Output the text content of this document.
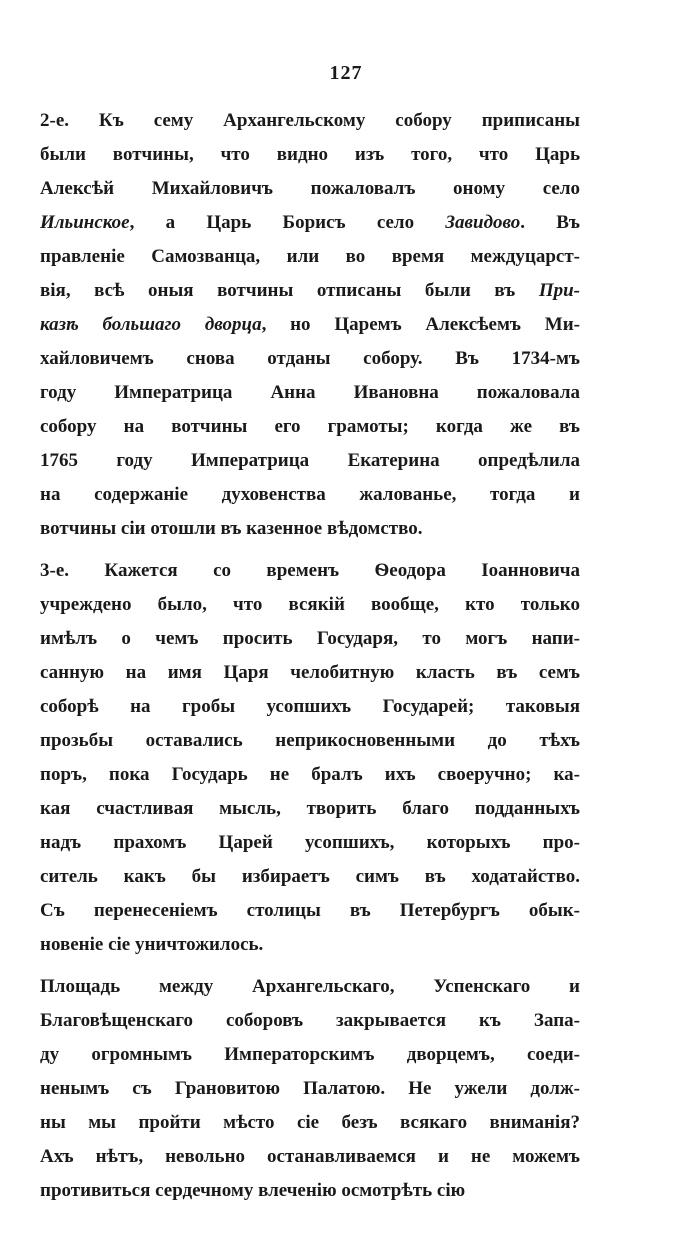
127
2-е. Къ сему Архангельскому собору приписаны
были вотчины, что видно изъ того, что Царь
Алексѣй Михайловичъ пожаловалъ оному село
Ильинское, а Царь Борисъ село Завидово. Въ
правленіе Самозванца, или во время междуцарст-
вія, всѣ оныя вотчины отписаны были въ При-
казѣ большаго дворца, но Царемъ Алексѣемъ Ми-
хайловичемъ снова отданы собору. Въ 1734-мъ
году Императрица Анна Ивановна пожаловала
собору на вотчины его грамоты; когда же въ
1765 году Императрица Екатерина опредѣлила
на содержаніе духовенства жалованье, тогда и
вотчины сіи отошли въ казенное вѣдомство.
3-е. Кажется со временъ Ѳеодора Іоанновича
учреждено было, что всякій вообще, кто только
имѣлъ о чемъ просить Государя, то могъ напи-
санную на имя Царя челобитную класть въ семъ
соборѣ на гробы усопшихъ Государей; таковыя
прозьбы оставались неприкосновенными до тѣхъ
поръ, пока Государь не бралъ ихъ своеручно; ка-
кая счастливая мысль, творить благо подданныхъ
надъ прахомъ Царей усопшихъ, которыхъ про-
ситель какъ бы избираетъ симъ въ ходатайство.
Съ перенесеніемъ столицы въ Петербургъ обык-
новеніе сіе уничтожилось.
Площадь между Архангельскаго, Успенскаго и
Благовѣщенскаго соборовъ закрывается къ Запа-
ду огромнымъ Императорскимъ дворцемъ, соеди-
ненымъ съ Грановитою Палатою. Не ужели долж-
ны мы пройти мѣсто сіе безъ всякаго вниманія?
Ахъ нѣтъ, невольно останавливаемся и не можемъ
противиться сердечному влеченію осмотрѣть сію
